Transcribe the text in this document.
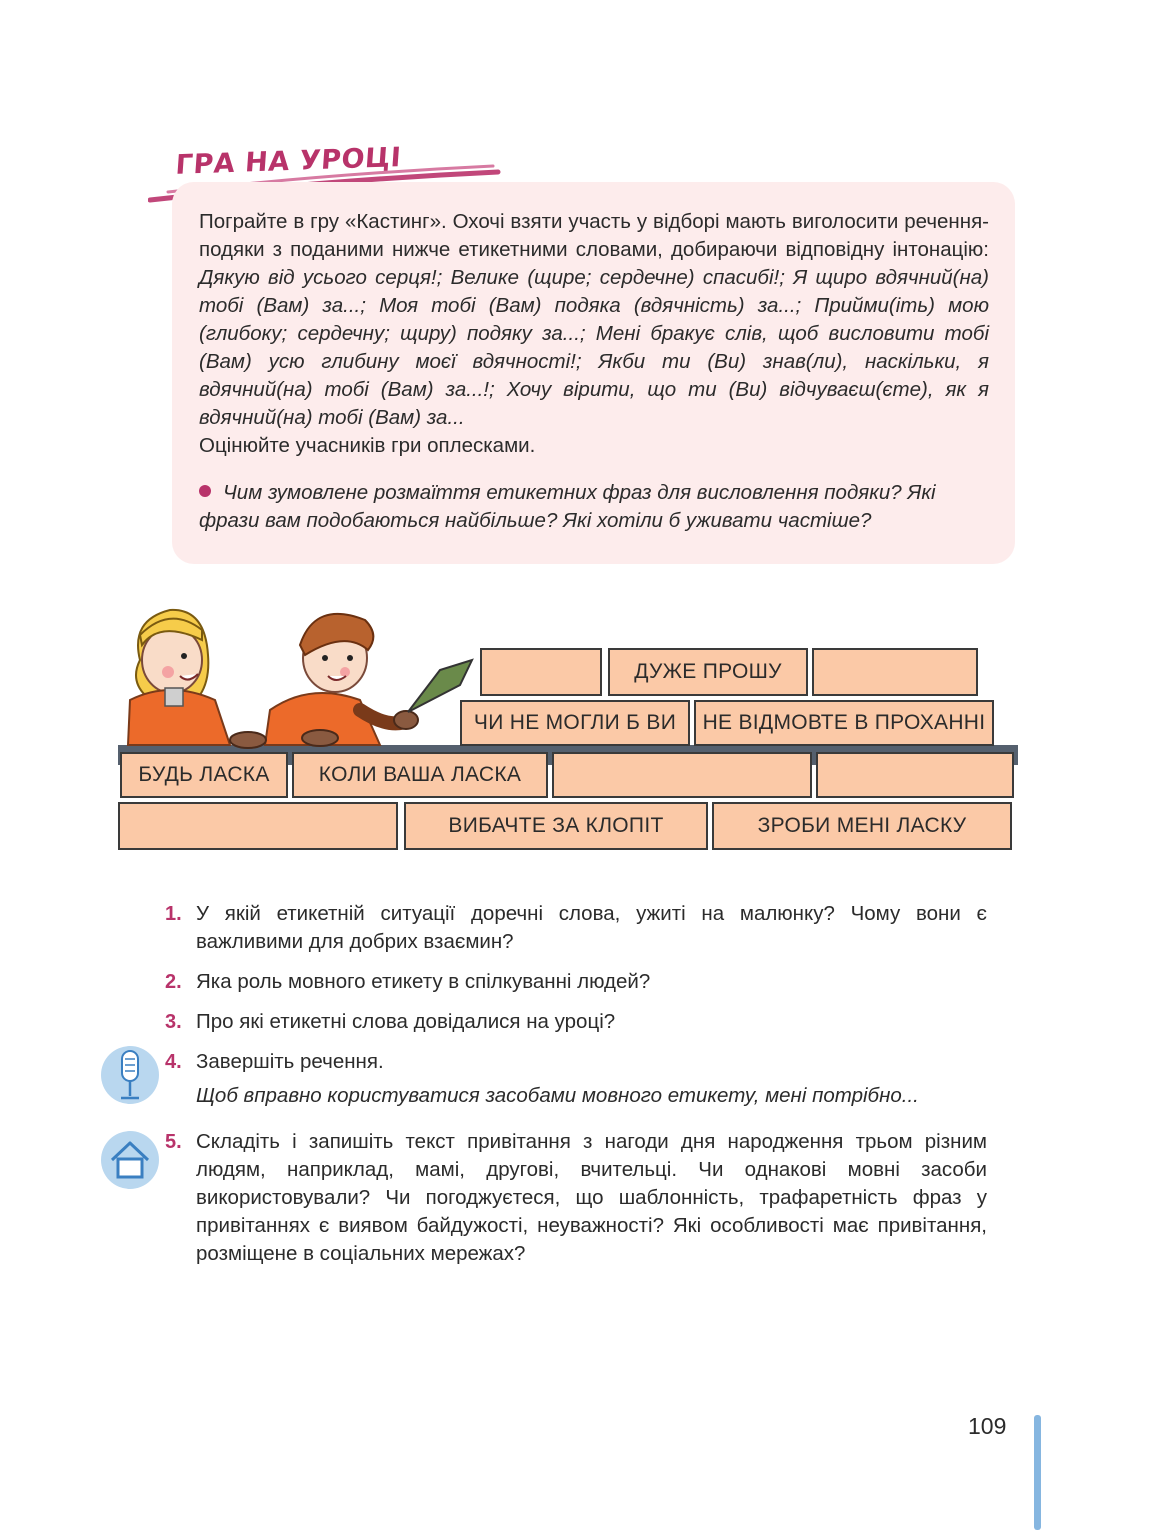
ГРА НА УРОЦІ

Пограйте в гру «Кастинг». Охочі взяти участь у відборі мають виголосити речення-подяки з поданими нижче етикетними словами, добираючи відповідну інтонацію: Дякую від усього серця!; Велике (щире; сердечне) спасибі!; Я щиро вдячний(на) тобі (Вам) за...; Моя тобі (Вам) подяка (вдячність) за...; Прийми(іть) мою (глибоку; сердечну; щиру) подяку за...; Мені бракує слів, щоб висловити тобі (Вам) усю глибину моєї вдячності!; Якби ти (Ви) знав(ли), наскільки, я вдячний(на) тобі (Вам) за...!; Хочу вірити, що ти (Ви) відчуваєш(єте), як я вдячний(на) тобі (Вам) за...

Оцінюйте учасників гри оплесками.

Чим зумовлене розмаїття етикетних фраз для висловлення подяки? Які фрази вам подобаються найбільше? Які хотіли б уживати частіше?
ДУЖЕ ПРОШУ
ЧИ НЕ МОГЛИ Б ВИ	НЕ ВІДМОВТЕ В ПРОХАННІ
БУДЬ ЛАСКА	КОЛИ ВАША ЛАСКА
ВИБАЧТЕ ЗА КЛОПІТ	ЗРОБИ МЕНІ ЛАСКУ
1. У якій етикетній ситуації доречні слова, ужиті на малюнку? Чому вони є важливими для добрих взаємин?

2. Яка роль мовного етикету в спілкуванні людей?

3. Про які етикетні слова довідалися на уроці?

4. Завершіть речення.

Щоб вправно користуватися засобами мовного етикету, мені потрібно...

5. Складіть і запишіть текст привітання з нагоди дня народження трьом різним людям, наприклад, мамі, другові, вчительці. Чи однакові мовні засоби використовували? Чи погоджуєтеся, що шаблонність, трафаретність фраз у привітаннях є виявом байдужості, неуважності? Які особливості має привітання, розміщене в соціальних мережах?

109
